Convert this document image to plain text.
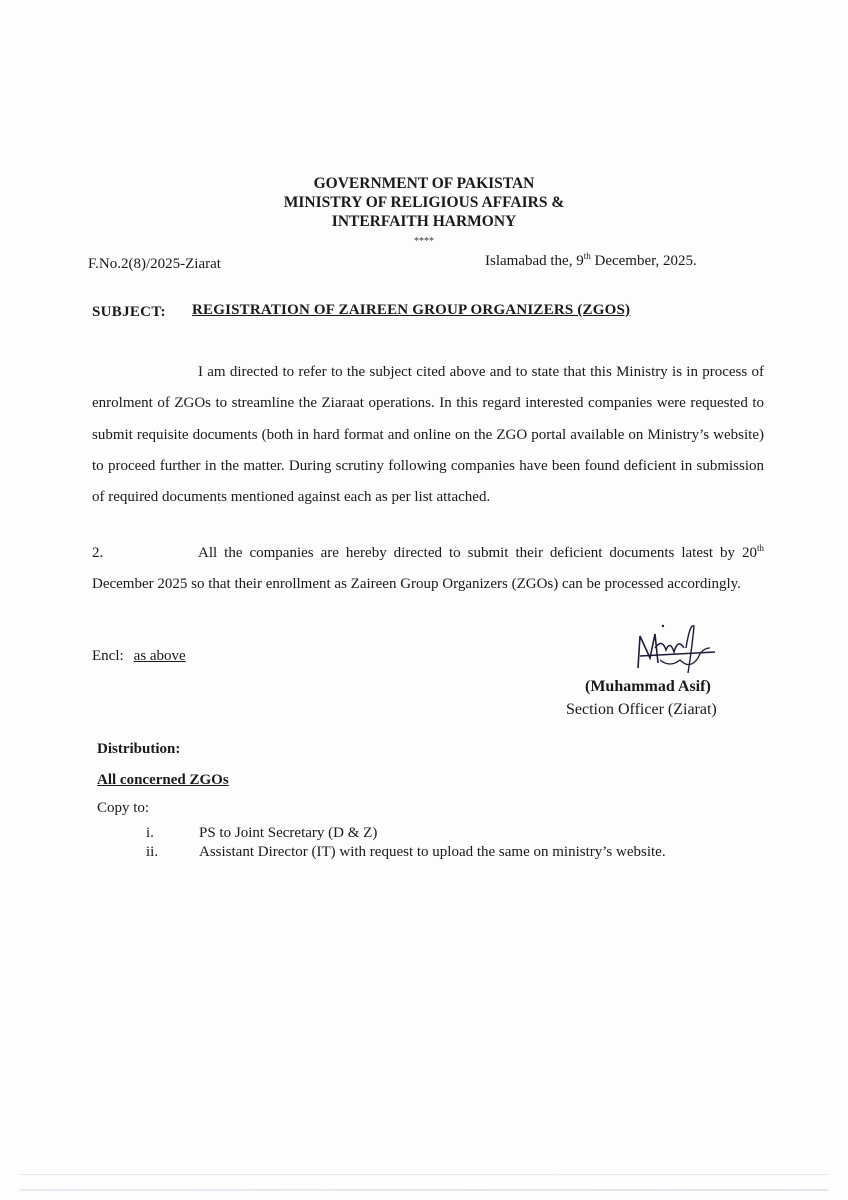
GOVERNMENT OF PAKISTAN
MINISTRY OF RELIGIOUS AFFAIRS &
INTERFAITH HARMONY
****
F.No.2(8)/2025-Ziarat	Islamabad the, 9th December, 2025.
SUBJECT: REGISTRATION OF ZAIREEN GROUP ORGANIZERS (ZGOS)
I am directed to refer to the subject cited above and to state that this Ministry is in process of enrolment of ZGOs to streamline the Ziaraat operations. In this regard interested companies were requested to submit requisite documents (both in hard format and online on the ZGO portal available on Ministry’s website) to proceed further in the matter. During scrutiny following companies have been found deficient in submission of required documents mentioned against each as per list attached.
2.	All the companies are hereby directed to submit their deficient documents latest by 20th December 2025 so that their enrollment as Zaireen Group Organizers (ZGOs) can be processed accordingly.
Encl: as above
(Muhammad Asif)
Section Officer (Ziarat)
Distribution:
All concerned ZGOs
Copy to:
i.	PS to Joint Secretary (D & Z)
ii.	Assistant Director (IT) with request to upload the same on ministry’s website.
